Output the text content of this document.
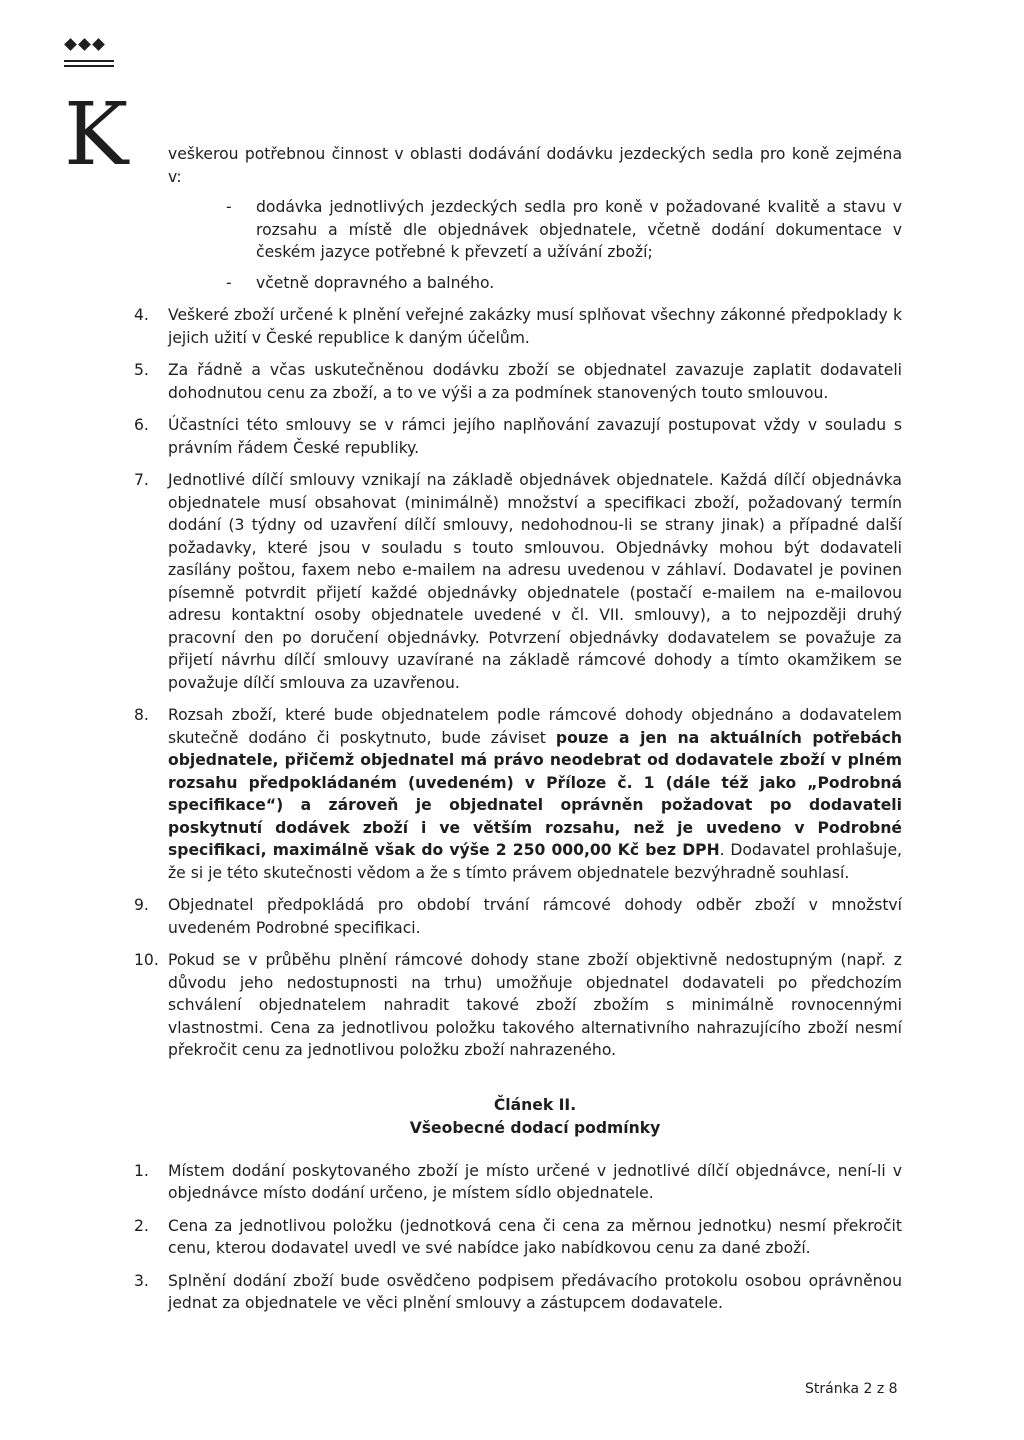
K	veškerou potřebnou činnost v oblasti dodávání dodávku jezdeckých sedla pro koně zejména v:

- dodávka jednotlivých jezdeckých sedla pro koně v požadované kvalitě a stavu v rozsahu a místě dle objednávek objednatele, včetně dodání dokumentace v českém jazyce potřebné k převzetí a užívání zboží;
- včetně dopravného a balného.
4. Veškeré zboží určené k plnění veřejné zakázky musí splňovat všechny zákonné předpoklady k jejich užití v České republice k daným účelům.
5. Za řádně a včas uskutečněnou dodávku zboží se objednatel zavazuje zaplatit dodavateli dohodnutou cenu za zboží, a to ve výši a za podmínek stanovených touto smlouvou.
6. Účastníci této smlouvy se v rámci jejího naplňování zavazují postupovat vždy v souladu s právním řádem České republiky.
7. Jednotlivé dílčí smlouvy vznikají na základě objednávek objednatele. Každá dílčí objednávka objednatele musí obsahovat (minimálně) množství a specifikaci zboží, požadovaný termín dodání (3 týdny od uzavření dílčí smlouvy, nedohodnou-li se strany jinak) a případné další požadavky, které jsou v souladu s touto smlouvou. Objednávky mohou být dodavateli zasílány poštou, faxem nebo e-mailem na adresu uvedenou v záhlaví. Dodavatel je povinen písemně potvrdit přijetí každé objednávky objednatele (postačí e-mailem na e-mailovou adresu kontaktní osoby objednatele uvedené v čl. VII. smlouvy), a to nejpozději druhý pracovní den po doručení objednávky. Potvrzení objednávky dodavatelem se považuje za přijetí návrhu dílčí smlouvy uzavírané na základě rámcové dohody a tímto okamžikem se považuje dílčí smlouva za uzavřenou.
8. Rozsah zboží, které bude objednatelem podle rámcové dohody objednáno a dodavatelem skutečně dodáno či poskytnuto, bude záviset pouze a jen na aktuálních potřebách objednatele, přičemž objednatel má právo neodebrat od dodavatele zboží v plném rozsahu předpokládaném (uvedeném) v Příloze č. 1 (dále též jako „Podrobná specifikace“) a zároveň je objednatel oprávněn požadovat po dodavateli poskytnutí dodávek zboží i ve větším rozsahu, než je uvedeno v Podrobné specifikaci, maximálně však do výše 2 250 000,00 Kč bez DPH. Dodavatel prohlašuje, že si je této skutečnosti vědom a že s tímto právem objednatele bezvýhradně souhlasí.
9. Objednatel předpokládá pro období trvání rámcové dohody odběr zboží v množství uvedeném Podrobné specifikaci.
10. Pokud se v průběhu plnění rámcové dohody stane zboží objektivně nedostupným (např. z důvodu jeho nedostupnosti na trhu) umožňuje objednatel dodavateli po předchozím schválení objednatelem nahradit takové zboží zbožím s minimálně rovnocennými vlastnostmi. Cena za jednotlivou položku takového alternativního nahrazujícího zboží nesmí překročit cenu za jednotlivou položku zboží nahrazeného.
Článek II.
Všeobecné dodací podmínky
1. Místem dodání poskytovaného zboží je místo určené v jednotlivé dílčí objednávce, není-li v objednávce místo dodání určeno, je místem sídlo objednatele.
2. Cena za jednotlivou položku (jednotková cena či cena za měrnou jednotku) nesmí překročit cenu, kterou dodavatel uvedl ve své nabídce jako nabídkovou cenu za dané zboží.
3. Splnění dodání zboží bude osvědčeno podpisem předávacího protokolu osobou oprávněnou jednat za objednatele ve věci plnění smlouvy a zástupcem dodavatele.
Stránka 2 z 8
